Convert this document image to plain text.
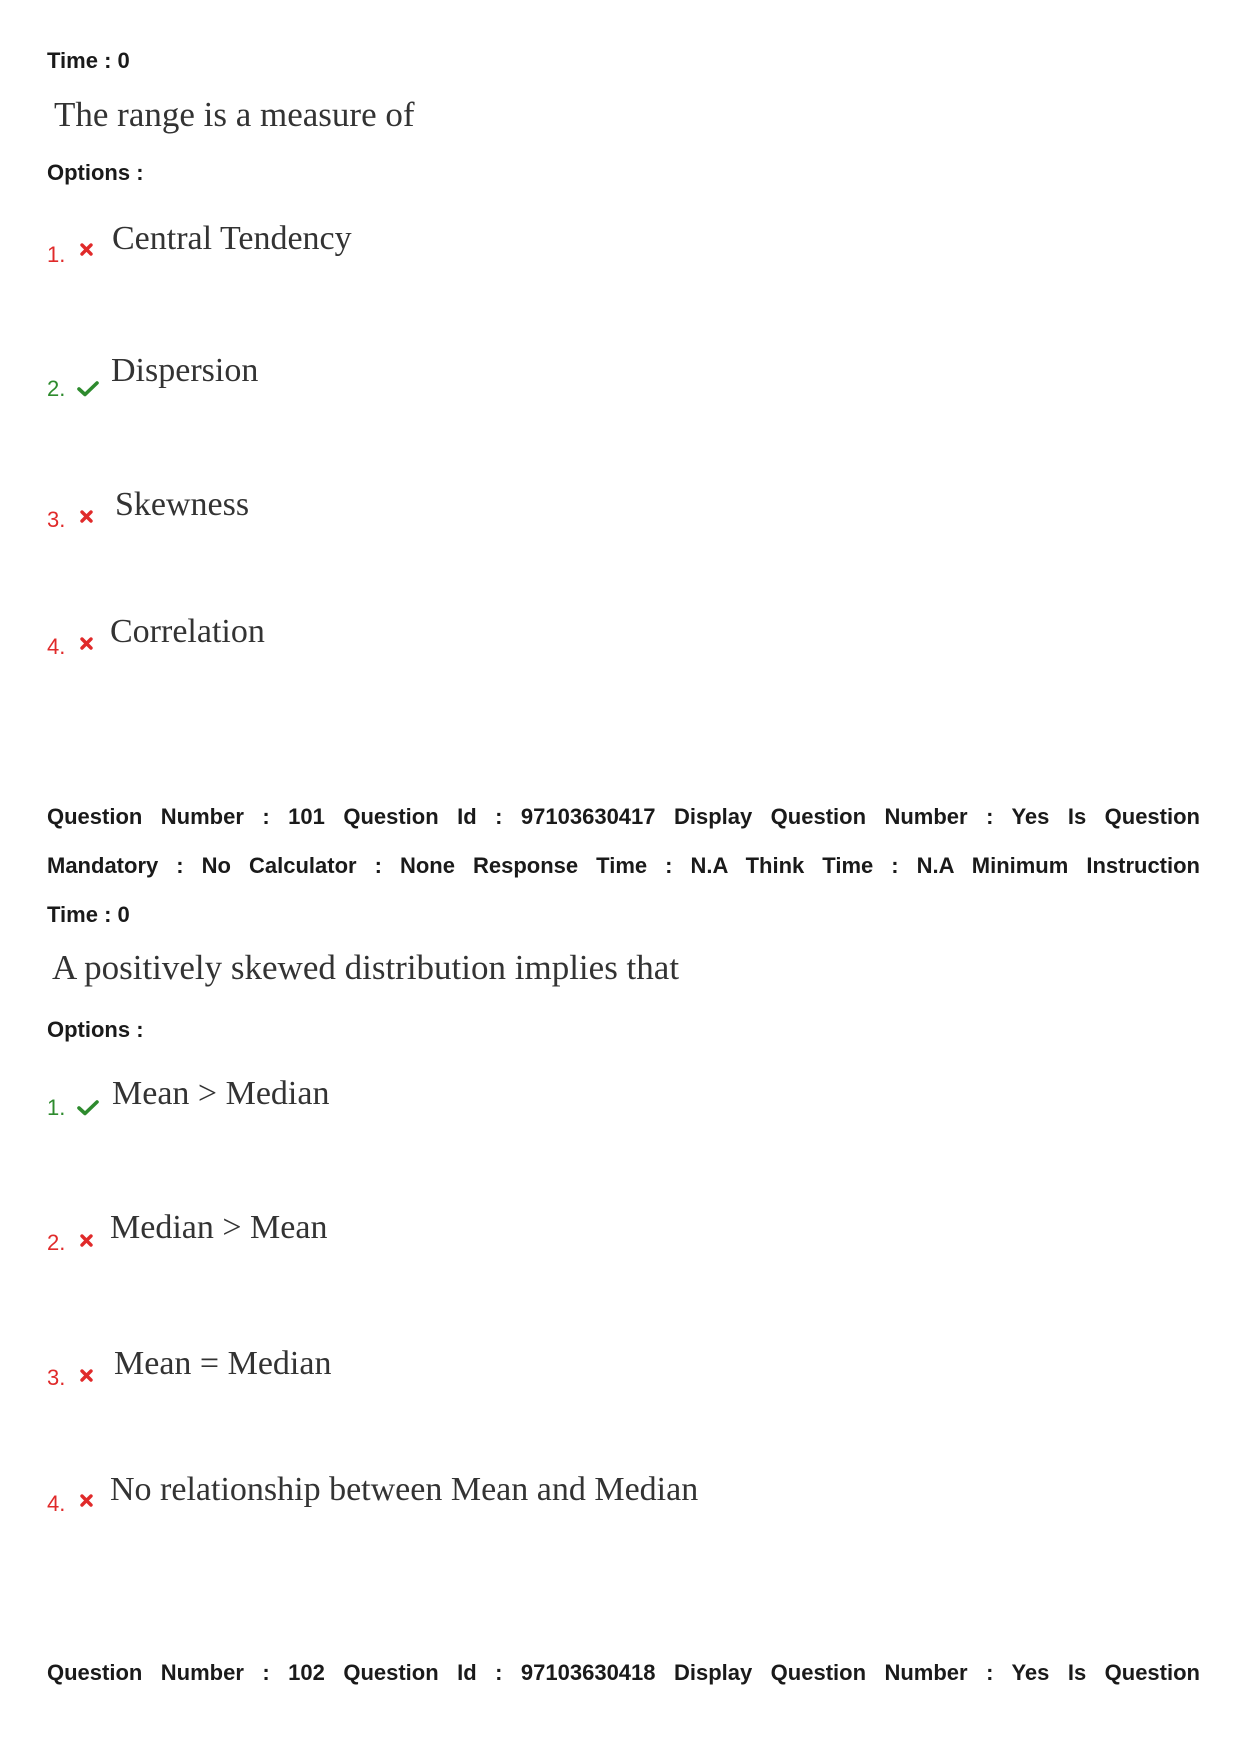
Time : 0
The range is a measure of
Options :
1. Central Tendency
2. Dispersion
3. Skewness
4. Correlation
Question Number : 101 Question Id : 97103630417 Display Question Number : Yes Is Question
Mandatory : No Calculator : None Response Time : N.A Think Time : N.A Minimum Instruction
Time : 0
A positively skewed distribution implies that
Options :
1. Mean > Median
2. Median > Mean
3. Mean = Median
4. No relationship between Mean and Median
Question Number : 102 Question Id : 97103630418 Display Question Number : Yes Is Question
